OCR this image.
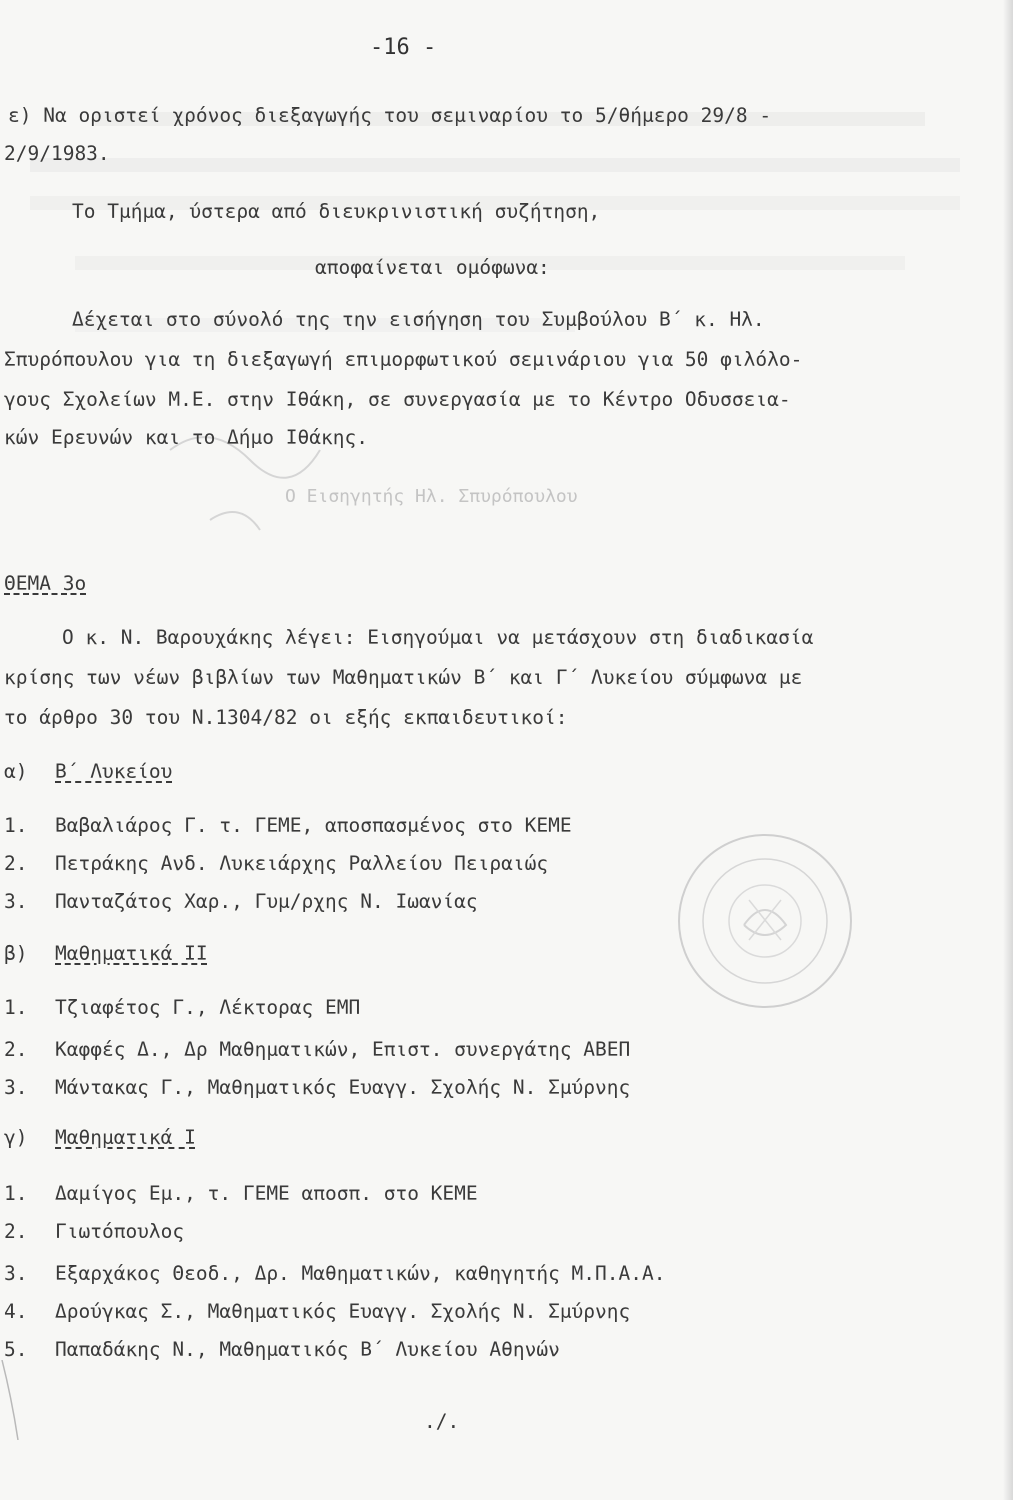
-16 -
ε) Να οριστεί χρόνος διεξαγωγής του σεμιναρίου το 5/θήμερο 29/8 -
2/9/1983.
Το Τμήμα, ύστερα από διευκρινιστική συζήτηση,
αποφαίνεται ομόφωνα:
Δέχεται στο σύνολό της την εισήγηση του Συμβούλου Β΄ κ. Ηλ.
Σπυρόπουλου για τη διεξαγωγή επιμορφωτικού σεμινάριου για 50 φιλόλο-
γους Σχολείων Μ.Ε. στην Ιθάκη, σε συνεργασία με το Κέντρο Οδυσσεια-
κών Ερευνών και το Δήμο Ιθάκης.
Ο Εισηγητής Ηλ. Σπυρόπουλου
ΘΕΜΑ 3ο
Ο κ. Ν. Βαρουχάκης λέγει: Εισηγούμαι να μετάσχουν στη διαδικασία
κρίσης των νέων βιβλίων των Μαθηματικών Β΄ και Γ΄ Λυκείου σύμφωνα με
το άρθρο 30 του Ν.1304/82 οι εξής εκπαιδευτικοί:
α) Β΄ Λυκείου
1. Βαβαλιάρος Γ. τ. ΓΕΜΕ, αποσπασμένος στο ΚΕΜΕ
2. Πετράκης Ανδ. Λυκειάρχης Ραλλείου Πειραιώς
3. Πανταζάτος Χαρ., Γυμ/ρχης Ν. Ιωανίας
β) Μαθηματικά ΙΙ
1. Τζιαφέτος Γ., Λέκτορας ΕΜΠ
2. Καφφές Δ., Δρ Μαθηματικών, Επιστ. συνεργάτης ΑΒΕΠ
3. Μάντακας Γ., Μαθηματικός Ευαγγ. Σχολής Ν. Σμύρνης
γ) Μαθηματικά Ι
1. Δαμίγος Εμ., τ. ΓΕΜΕ αποσπ. στο ΚΕΜΕ
2. Γιωτόπουλος
3. Εξαρχάκος Θεοδ., Δρ. Μαθηματικών, καθηγητής Μ.Π.Α.Α.
4. Δρούγκας Σ., Μαθηματικός Ευαγγ. Σχολής Ν. Σμύρνης
5. Παπαδάκης Ν., Μαθηματικός Β΄ Λυκείου Αθηνών
./.
